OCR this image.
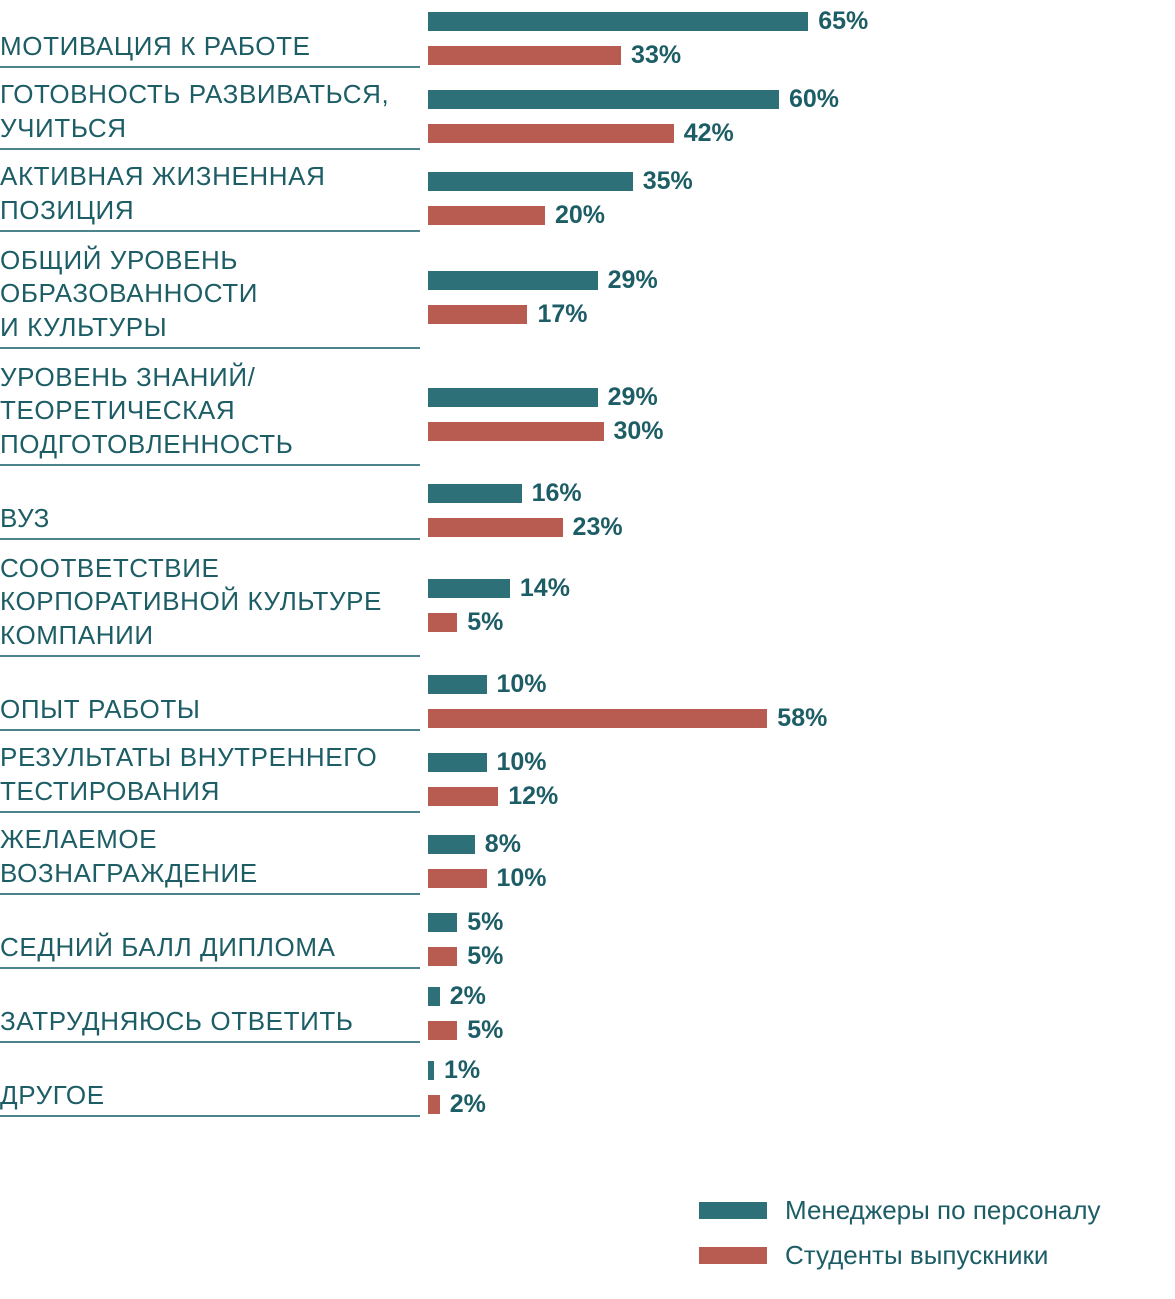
МОТИВАЦИЯ К РАБОТЕ
65%
33%
ГОТОВНОСТЬ РАЗВИВАТЬСЯ,
УЧИТЬСЯ
60%
42%
АКТИВНАЯ ЖИЗНЕННАЯ
ПОЗИЦИЯ
35%
20%
ОБЩИЙ УРОВЕНЬ
ОБРАЗОВАННОСТИ
И КУЛЬТУРЫ
29%
17%
УРОВЕНЬ ЗНАНИЙ/
ТЕОРЕТИЧЕСКАЯ
ПОДГОТОВЛЕННОСТЬ
29%
30%
ВУЗ
16%
23%
СООТВЕТСТВИЕ
КОРПОРАТИВНОЙ КУЛЬТУРЕ
КОМПАНИИ
14%
5%
ОПЫТ РАБОТЫ
10%
58%
РЕЗУЛЬТАТЫ ВНУТРЕННЕГО
ТЕСТИРОВАНИЯ
10%
12%
ЖЕЛАЕМОЕ
ВОЗНАГРАЖДЕНИЕ
8%
10%
СЕДНИЙ БАЛЛ ДИПЛОМА
5%
5%
ЗАТРУДНЯЮСЬ ОТВЕТИТЬ
2%
5%
ДРУГОЕ
1%
2%
Менеджеры по персоналу
Студенты выпускники
